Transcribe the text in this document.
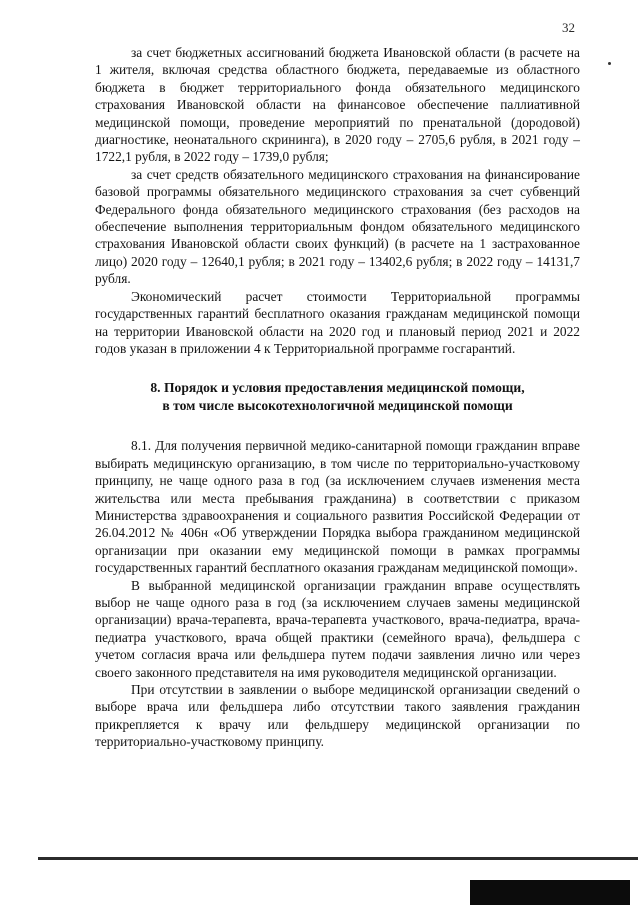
32

за счет бюджетных ассигнований бюджета Ивановской области (в расчете на 1 жителя, включая средства областного бюджета, передаваемые из областного бюджета в бюджет территориального фонда обязательного медицинского страхования Ивановской области на финансовое обеспечение паллиативной медицинской помощи, проведение мероприятий по пренатальной (дородовой) диагностике, неонатального скрининга), в 2020 году – 2705,6 рубля, в 2021 году – 1722,1 рубля, в 2022 году – 1739,0 рубля;

за счет средств обязательного медицинского страхования на финансирование базовой программы обязательного медицинского страхования за счет субвенций Федерального фонда обязательного медицинского страхования (без расходов на обеспечение выполнения территориальным фондом обязательного медицинского страхования Ивановской области своих функций) (в расчете на 1 застрахованное лицо) 2020 году – 12640,1 рубля; в 2021 году – 13402,6 рубля; в 2022 году – 14131,7 рубля.

Экономический расчет стоимости Территориальной программы государственных гарантий бесплатного оказания гражданам медицинской помощи на территории Ивановской области на 2020 год и плановый период 2021 и 2022 годов указан в приложении 4 к Территориальной программе госгарантий.

8. Порядок и условия предоставления медицинской помощи,
в том числе высокотехнологичной медицинской помощи

8.1. Для получения первичной медико-санитарной помощи гражданин вправе выбирать медицинскую организацию, в том числе по территориально-участковому принципу, не чаще одного раза в год (за исключением случаев изменения места жительства или места пребывания гражданина) в соответствии с приказом Министерства здравоохранения и социального развития Российской Федерации от 26.04.2012 № 406н «Об утверждении Порядка выбора гражданином медицинской организации при оказании ему медицинской помощи в рамках программы государственных гарантий бесплатного оказания гражданам медицинской помощи».

В выбранной медицинской организации гражданин вправе осуществлять выбор не чаще одного раза в год (за исключением случаев замены медицинской организации) врача-терапевта, врача-терапевта участкового, врача-педиатра, врача-педиатра участкового, врача общей практики (семейного врача), фельдшера с учетом согласия врача или фельдшера путем подачи заявления лично или через своего законного представителя на имя руководителя медицинской организации.

При отсутствии в заявлении о выборе медицинской организации сведений о выборе врача или фельдшера либо отсутствии такого заявления гражданин прикрепляется к врачу или фельдшеру медицинской организации по территориально-участковому принципу.
